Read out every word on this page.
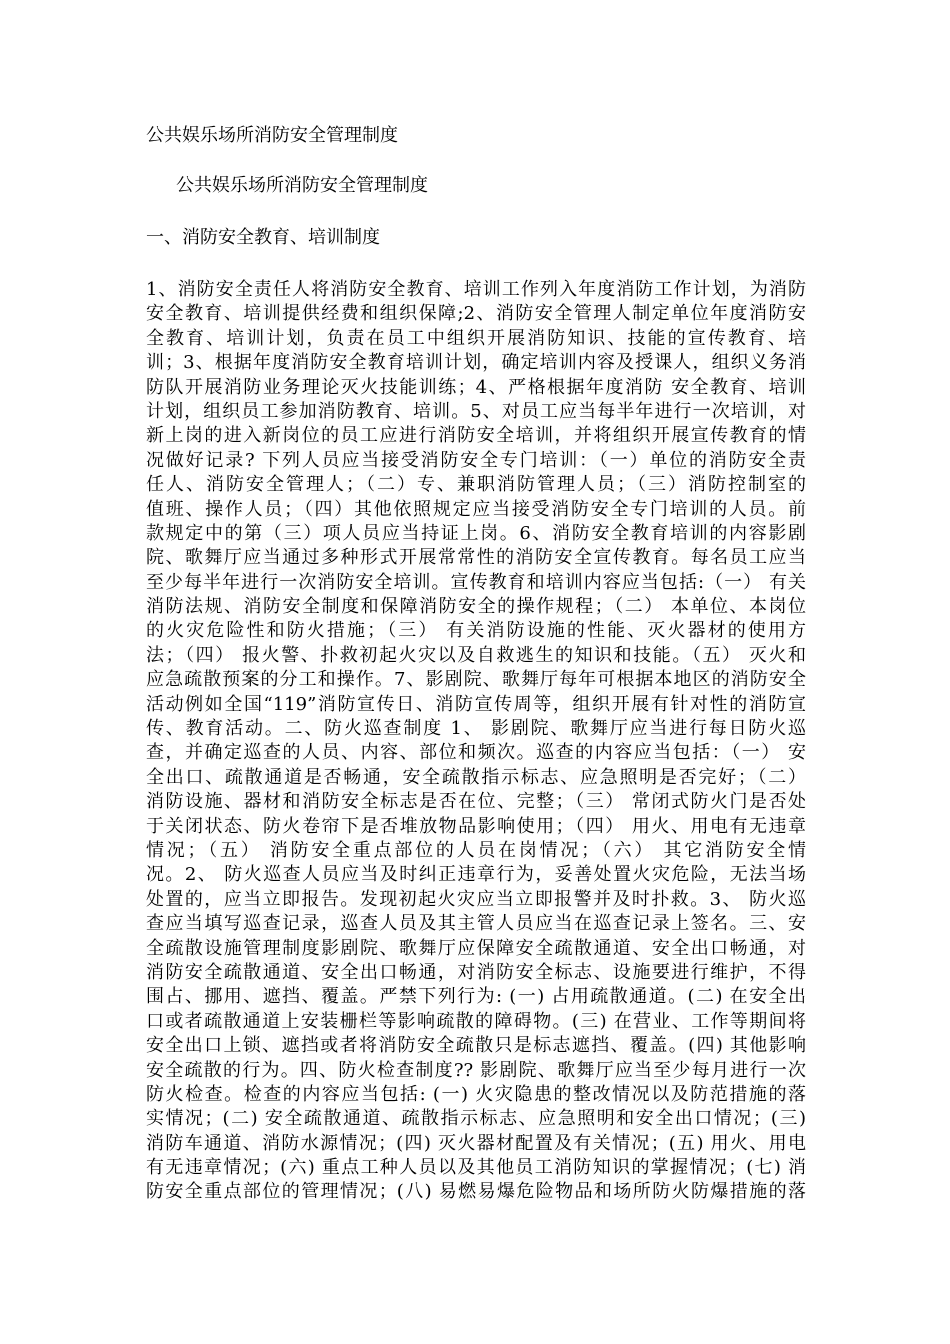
公共娱乐场所消防安全管理制度
公共娱乐场所消防安全管理制度
一、消防安全教育、培训制度
1、消防安全责任人将消防安全教育、培训工作列入年度消防工作计划，为消防
安全教育、培训提供经费和组织保障;2、消防安全管理人制定单位年度消防安
全教育、培训计划，负责在员工中组织开展消防知识、技能的宣传教育、培
训；3、根据年度消防安全教育培训计划，确定培训内容及授课人，组织义务消
防队开展消防业务理论灭火技能训练；4、严格根据年度消防 安全教育、培训
计划，组织员工参加消防教育、培训。5、对员工应当每半年进行一次培训，对
新上岗的进入新岗位的员工应进行消防安全培训，并将组织开展宣传教育的情
况做好记录? 下列人员应当接受消防安全专门培训：（一）单位的消防安全责
任人、消防安全管理人；（二）专、兼职消防管理人员；（三）消防控制室的
值班、操作人员；（四）其他依照规定应当接受消防安全专门培训的人员。前
款规定中的第（三）项人员应当持证上岗。6、消防安全教育培训的内容影剧
院、歌舞厅应当通过多种形式开展常常性的消防安全宣传教育。每名员工应当
至少每半年进行一次消防安全培训。宣传教育和培训内容应当包括:（一） 有关
消防法规、消防安全制度和保障消防安全的操作规程；（二） 本单位、本岗位
的火灾危险性和防火措施；（三） 有关消防设施的性能、灭火器材的使用方
法；（四） 报火警、扑救初起火灾以及自救逃生的知识和技能。（五） 灭火和
应急疏散预案的分工和操作。7、影剧院、歌舞厅每年可根据本地区的消防安全
活动例如全国“119”消防宣传日、消防宣传周等，组织开展有针对性的消防宣
传、教育活动。二、防火巡查制度 1、 影剧院、歌舞厅应当进行每日防火巡
查，并确定巡查的人员、内容、部位和频次。巡查的内容应当包括：（一） 安
全出口、疏散通道是否畅通，安全疏散指示标志、应急照明是否完好；（二）
消防设施、器材和消防安全标志是否在位、完整；（三） 常闭式防火门是否处
于关闭状态、防火卷帘下是否堆放物品影响使用；（四） 用火、用电有无违章
情况；（五） 消防安全重点部位的人员在岗情况；（六） 其它消防安全情
况。2、 防火巡查人员应当及时纠正违章行为，妥善处置火灾危险，无法当场
处置的，应当立即报告。发现初起火灾应当立即报警并及时扑救。3、 防火巡
查应当填写巡查记录，巡查人员及其主管人员应当在巡查记录上签名。三、安
全疏散设施管理制度影剧院、歌舞厅应保障安全疏散通道、安全出口畅通，对
消防安全疏散通道、安全出口畅通，对消防安全标志、设施要进行维护，不得
围占、挪用、遮挡、覆盖。严禁下列行为: (一) 占用疏散通道。(二) 在安全出
口或者疏散通道上安装栅栏等影响疏散的障碍物。(三) 在营业、工作等期间将
安全出口上锁、遮挡或者将消防安全疏散只是标志遮挡、覆盖。(四) 其他影响
安全疏散的行为。四、防火检查制度?? 影剧院、歌舞厅应当至少每月进行一次
防火检查。检查的内容应当包括: (一) 火灾隐患的整改情况以及防范措施的落
实情况；(二) 安全疏散通道、疏散指示标志、应急照明和安全出口情况；(三)
消防车通道、消防水源情况；(四) 灭火器材配置及有关情况；(五) 用火、用电
有无违章情况；(六) 重点工种人员以及其他员工消防知识的掌握情况；(七) 消
防安全重点部位的管理情况；(八) 易燃易爆危险物品和场所防火防爆措施的落
